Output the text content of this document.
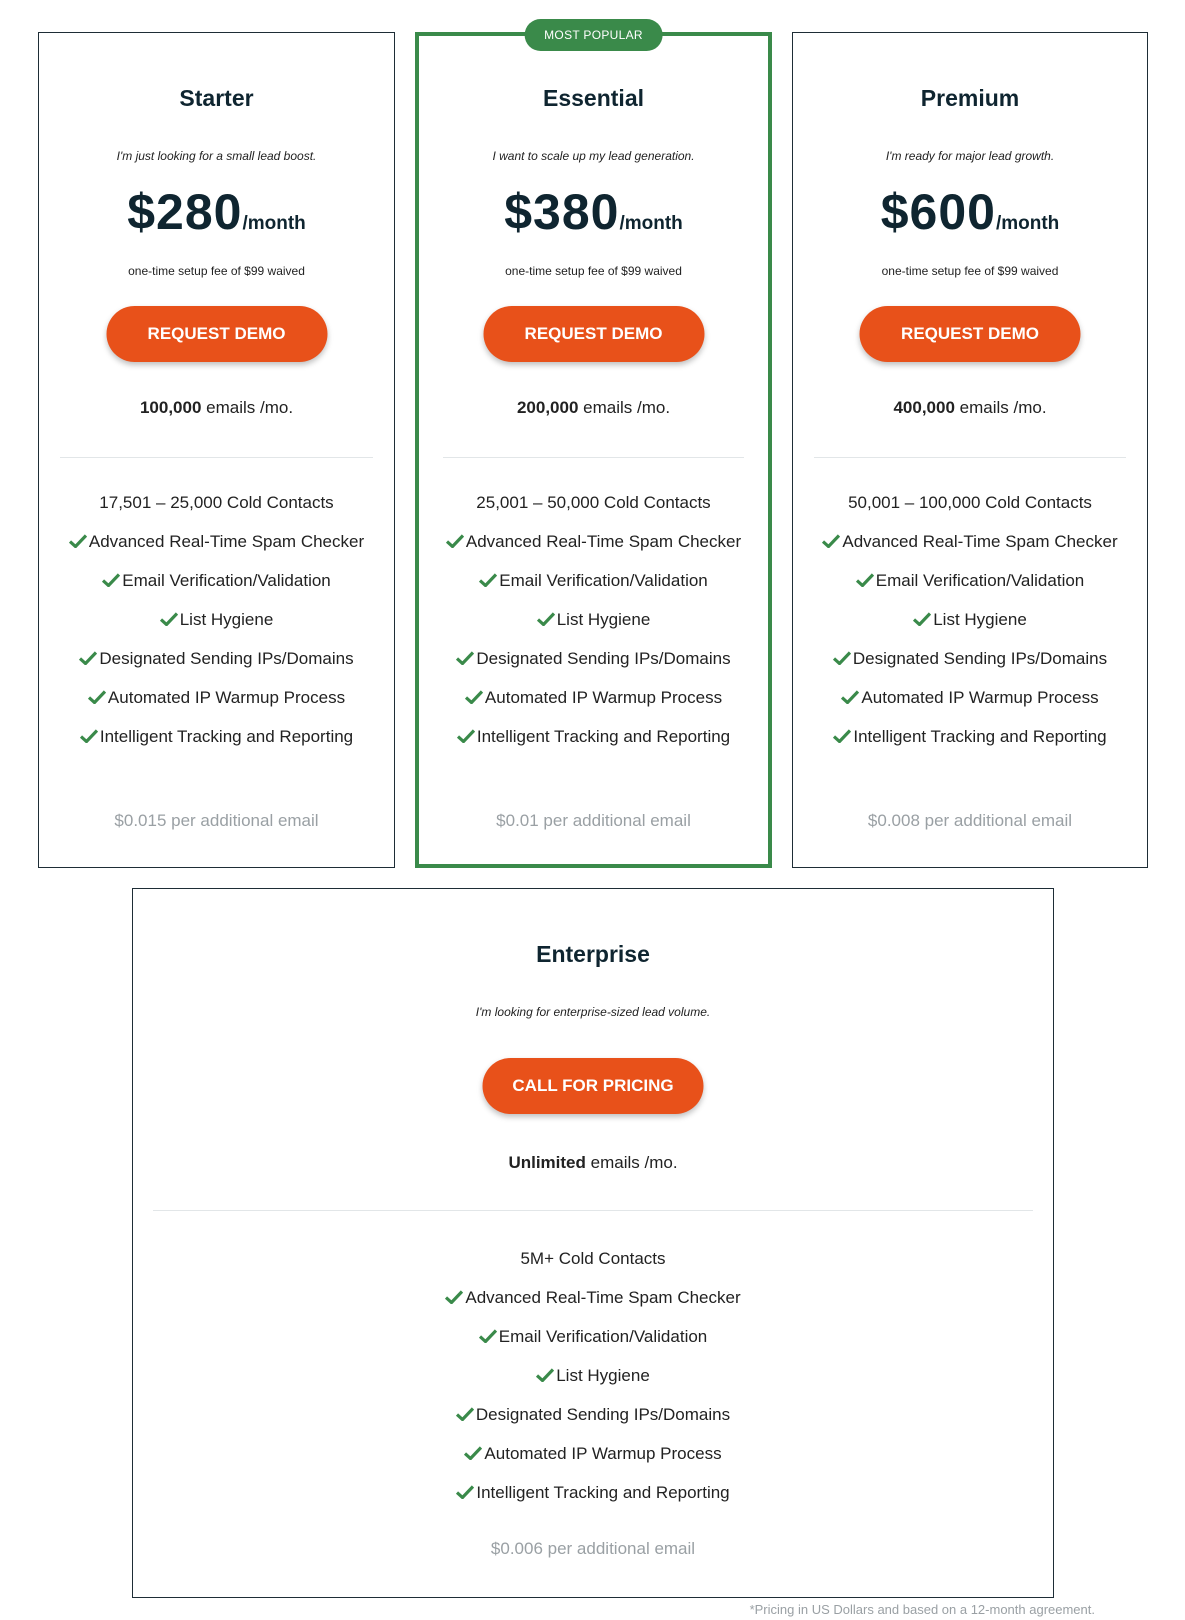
Starter
I'm just looking for a small lead boost.
$280/month
one-time setup fee of $99 waived
REQUEST DEMO
100,000 emails /mo.
17,501 – 25,000 Cold Contacts
Advanced Real-Time Spam Checker
Email Verification/Validation
List Hygiene
Designated Sending IPs/Domains
Automated IP Warmup Process
Intelligent Tracking and Reporting
$0.015 per additional email
MOST POPULAR
Essential
I want to scale up my lead generation.
$380/month
one-time setup fee of $99 waived
REQUEST DEMO
200,000 emails /mo.
25,001 – 50,000 Cold Contacts
Advanced Real-Time Spam Checker
Email Verification/Validation
List Hygiene
Designated Sending IPs/Domains
Automated IP Warmup Process
Intelligent Tracking and Reporting
$0.01 per additional email
Premium
I'm ready for major lead growth.
$600/month
one-time setup fee of $99 waived
REQUEST DEMO
400,000 emails /mo.
50,001 – 100,000 Cold Contacts
Advanced Real-Time Spam Checker
Email Verification/Validation
List Hygiene
Designated Sending IPs/Domains
Automated IP Warmup Process
Intelligent Tracking and Reporting
$0.008 per additional email
Enterprise
I'm looking for enterprise-sized lead volume.
CALL FOR PRICING
Unlimited emails /mo.
5M+ Cold Contacts
Advanced Real-Time Spam Checker
Email Verification/Validation
List Hygiene
Designated Sending IPs/Domains
Automated IP Warmup Process
Intelligent Tracking and Reporting
$0.006 per additional email
*Pricing in US Dollars and based on a 12-month agreement.
